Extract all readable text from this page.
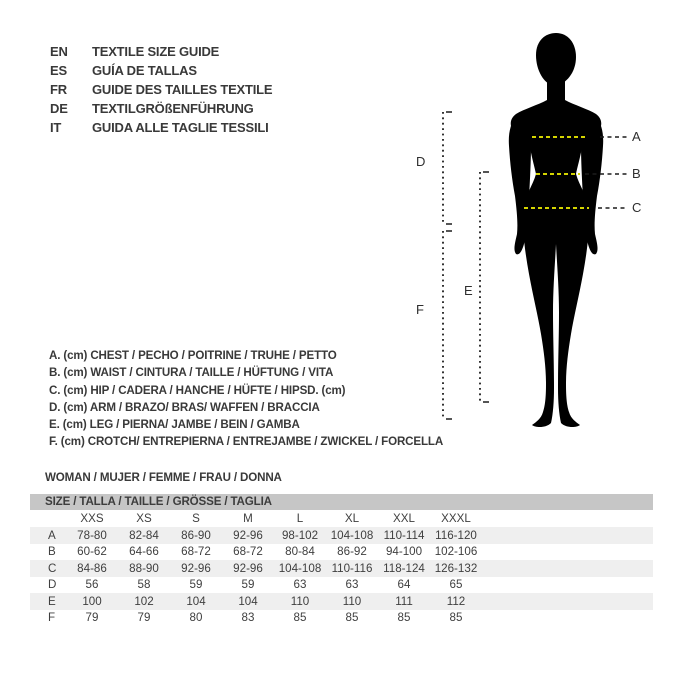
EN	TEXTILE SIZE GUIDE
ES	GUÍA DE TALLAS
FR	GUIDE DES TAILLES TEXTILE
DE	TEXTILGRÖßENFÜHRUNG
IT	GUIDA ALLE TAGLIE TESSILI
A
B
C
D
E
F
A. (cm) CHEST / PECHO / POITRINE / TRUHE / PETTO
B. (cm) WAIST / CINTURA / TAILLE / HÜFTUNG / VITA
C. (cm) HIP / CADERA / HANCHE / HÜFTE / HIPSD. (cm)
D. (cm) ARM / BRAZO/ BRAS/ WAFFEN / BRACCIA
E. (cm) LEG / PIERNA/ JAMBE / BEIN / GAMBA
F. (cm) CROTCH/ ENTREPIERNA / ENTREJAMBE / ZWICKEL / FORCELLA
WOMAN / MUJER / FEMME / FRAU / DONNA
SIZE / TALLA / TAILLE / GRÖSSE / TAGLIA
XXS	XS	S	M	L	XL	XXL	XXXL
A	78-80	82-84	86-90	92-96	98-102	104-108 110-114 116-120
B	60-62	64-66	68-72	68-72	80-84	86-92	94-100	102-106
C	84-86	88-90	92-96	92-96	104-108 110-116 118-124 126-132
D	56	58	59	59	63	63	64	65
E	100	102	104	104	110	110	111	112
F	79	79	80	83	85	85	85	85
